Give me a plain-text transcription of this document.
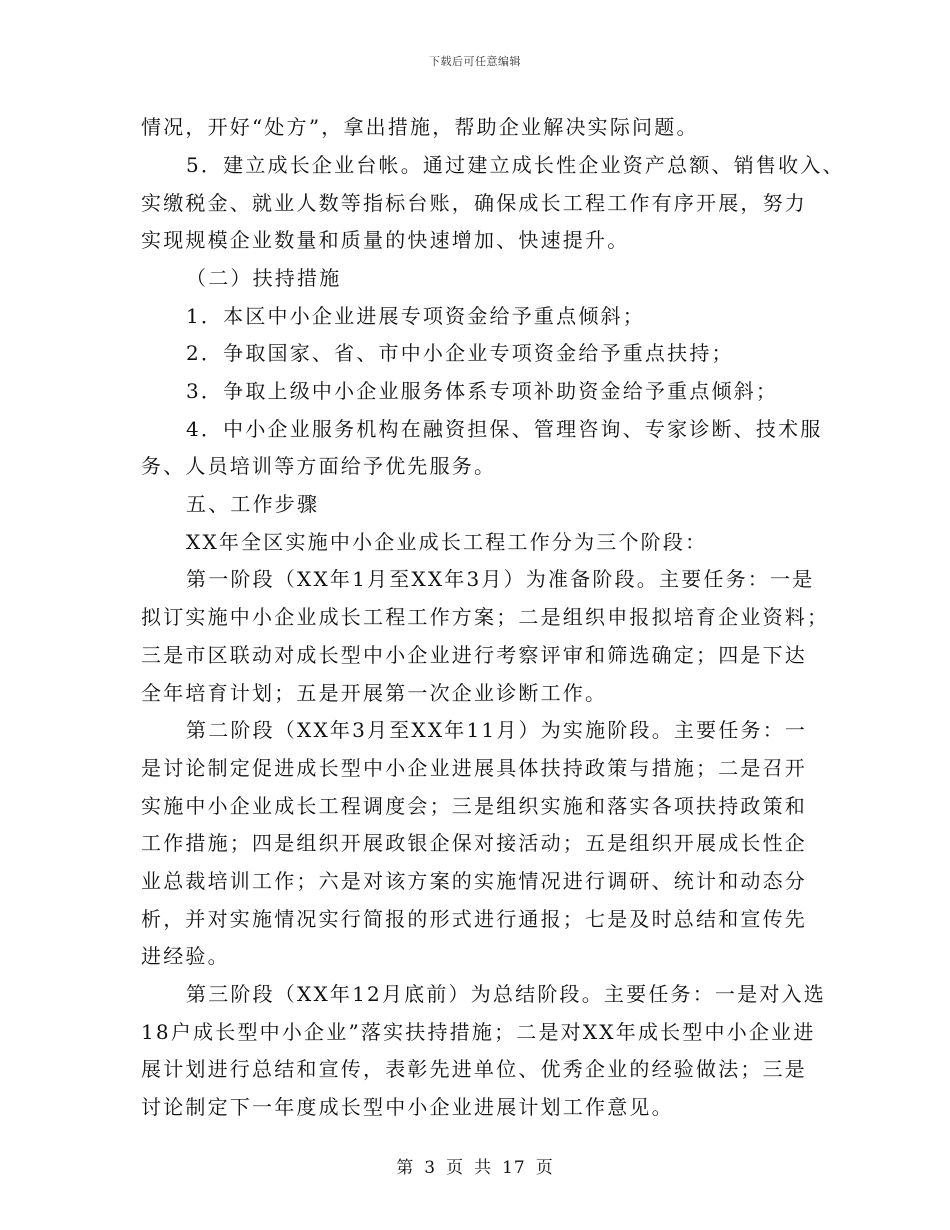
下载后可任意编辑
情况，开好“处方”，拿出措施，帮助企业解决实际问题。
5．建立成长企业台帐。通过建立成长性企业资产总额、销售收入、
实缴税金、就业人数等指标台账，确保成长工程工作有序开展，努力
实现规模企业数量和质量的快速增加、快速提升。
（二）扶持措施
1．本区中小企业进展专项资金给予重点倾斜；
2．争取国家、省、市中小企业专项资金给予重点扶持；
3．争取上级中小企业服务体系专项补助资金给予重点倾斜；
4．中小企业服务机构在融资担保、管理咨询、专家诊断、技术服
务、人员培训等方面给予优先服务。
五、工作步骤
XX年全区实施中小企业成长工程工作分为三个阶段：
第一阶段（XX年1月至XX年3月）为准备阶段。主要任务：一是
拟订实施中小企业成长工程工作方案；二是组织申报拟培育企业资料；
三是市区联动对成长型中小企业进行考察评审和筛选确定；四是下达
全年培育计划；五是开展第一次企业诊断工作。
第二阶段（XX年3月至XX年11月）为实施阶段。主要任务：一
是讨论制定促进成长型中小企业进展具体扶持政策与措施；二是召开
实施中小企业成长工程调度会；三是组织实施和落实各项扶持政策和
工作措施；四是组织开展政银企保对接活动；五是组织开展成长性企
业总裁培训工作；六是对该方案的实施情况进行调研、统计和动态分
析，并对实施情况实行简报的形式进行通报；七是及时总结和宣传先
进经验。
第三阶段（XX年12月底前）为总结阶段。主要任务：一是对入选
18户成长型中小企业”落实扶持措施；二是对XX年成长型中小企业进
展计划进行总结和宣传，表彰先进单位、优秀企业的经验做法；三是
讨论制定下一年度成长型中小企业进展计划工作意见。
第 3 页 共 17 页
